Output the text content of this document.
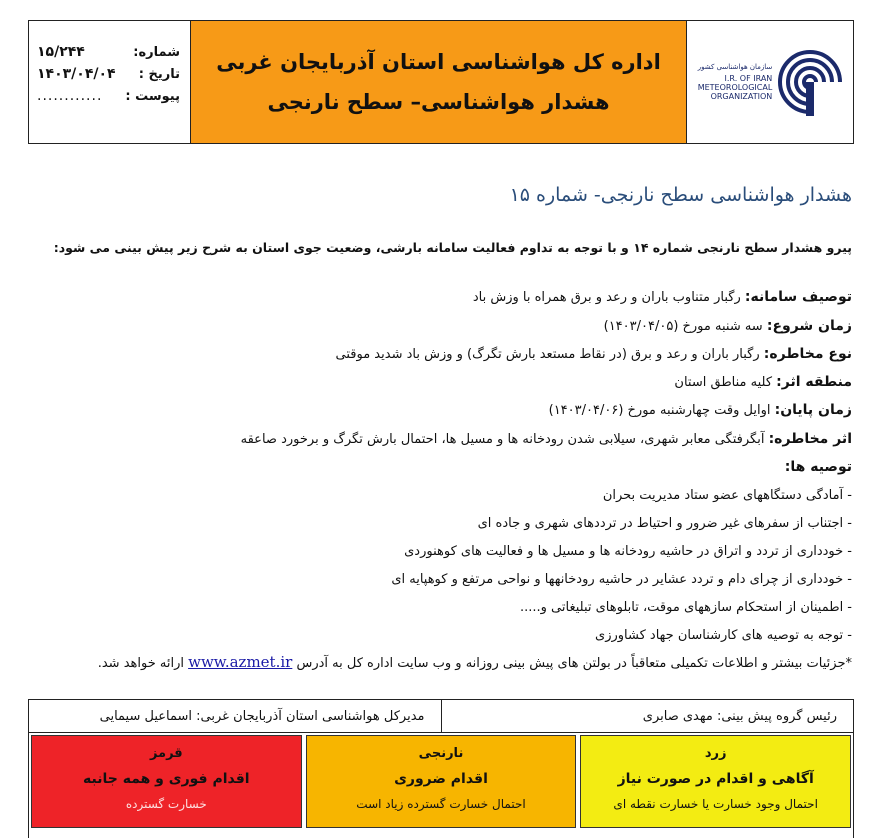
شماره:
۱۵/۲۴۴
تاریخ :
۱۴۰۳/۰۴/۰۴
پیوست :
............
اداره کل هواشناسی استان آذربایجان غربی
هشدار هواشناسی– سطح نارنجی
سازمان هواشناسی کشور
I.R. OF IRAN
METEOROLOGICAL
ORGANIZATION
هشدار هواشناسی سطح نارنجی- شماره ۱۵
پیرو هشدار سطح نارنجی شماره ۱۴ و با توجه به تداوم فعالیت سامانه بارشی، وضعیت جوی استان به شرح زیر پیش بینی می شود:
توصیف سامانه: رگبار متناوب باران و رعد و برق همراه با وزش باد
زمان شروع: سه شنبه مورخ (۱۴۰۳/۰۴/۰۵)
نوع مخاطره: رگبار باران و رعد و برق (در نقاط مستعد بارش تگرگ) و وزش باد شدید موقتی
منطقه اثر: کلیه مناطق استان
زمان پایان: اوایل وقت چهارشنبه مورخ (۱۴۰۳/۰۴/۰۶)
اثر مخاطره: آبگرفتگی معابر شهری، سیلابی شدن رودخانه ها و مسیل ها، احتمال بارش تگرگ و برخورد صاعقه
توصیه ها:
- آمادگی دستگاههای عضو ستاد مدیریت بحران
- اجتناب از سفرهای غیر ضرور و احتیاط در ترددهای شهری و جاده ای
- خودداری از تردد و اتراق در حاشیه رودخانه ها و مسیل ها و فعالیت های کوهنوردی
- خودداری از چرای دام و تردد عشایر در حاشیه رودخانهها و نواحی مرتفع و کوهپایه ای
- اطمینان از استحکام سازههای موقت، تابلوهای تبلیغاتی و.....
- توجه به توصیه های کارشناسان جهاد کشاورزی
*جزئیات بیشتر و اطلاعات تکمیلی متعاقباً در بولتن های پیش بینی روزانه و وب سایت اداره کل به آدرس www.azmet.ir ارائه خواهد شد.
رئیس گروه پیش بینی: مهدی صابری
مدیرکل هواشناسی استان آذربایجان غربی: اسماعیل سیمایی
زرد
آگاهی و اقدام در صورت نیاز
احتمال وجود خسارت یا خسارت نقطه ای
نارنجی
اقدام ضروری
احتمال خسارت گسترده زیاد است
قرمز
اقدام فوری و همه جانبه
خسارت گسترده
